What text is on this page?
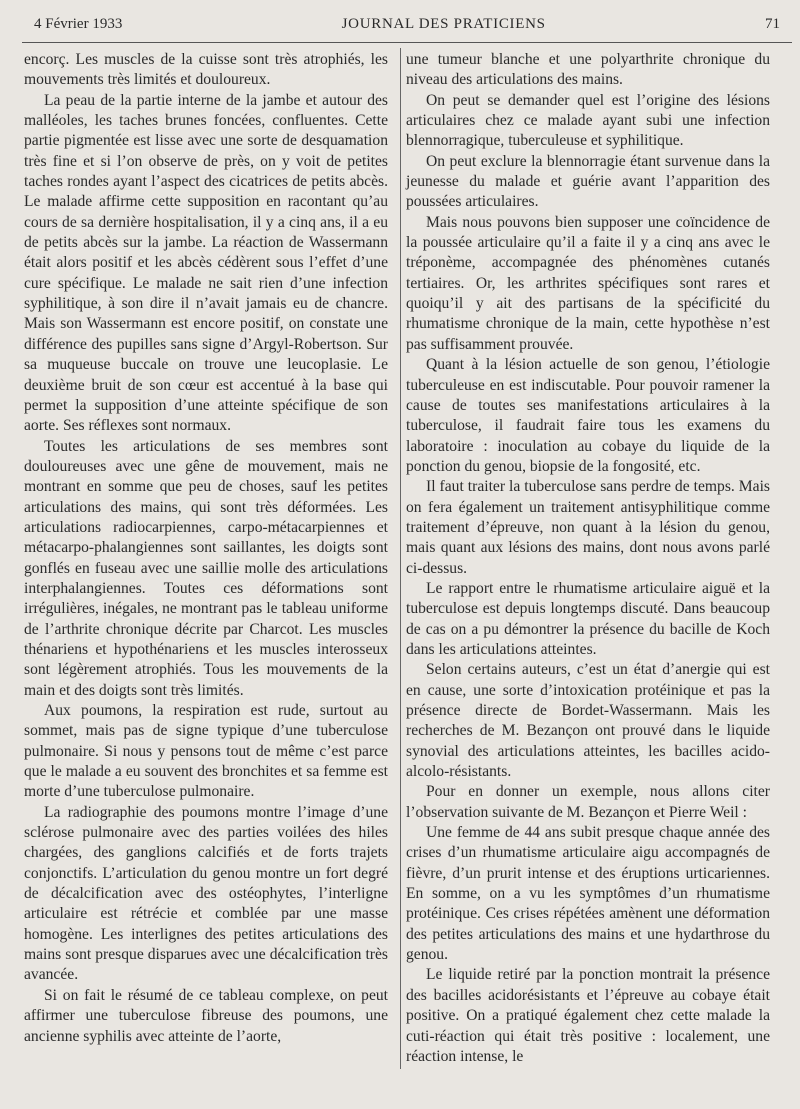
4 Février 1933	JOURNAL DES PRATICIENS	71

encorç. Les muscles de la cuisse sont très atrophiés, les mouvements très limités et douloureux.

La peau de la partie interne de la jambe et autour des malléoles, les taches brunes foncées, confluentes. Cette partie pigmentée est lisse avec une sorte de desquamation très fine et si l’on observe de près, on y voit de petites taches rondes ayant l’aspect des cicatrices de petits abcès. Le malade affirme cette supposition en racontant qu’au cours de sa dernière hospitalisation, il y a cinq ans, il a eu de petits abcès sur la jambe. La réaction de Wassermann était alors positif et les abcès cédèrent sous l’effet d’une cure spécifique. Le malade ne sait rien d’une infection syphilitique, à son dire il n’avait jamais eu de chancre. Mais son Wassermann est encore positif, on constate une différence des pupilles sans signe d’Argyl-Robertson. Sur sa muqueuse buccale on trouve une leucoplasie. Le deuxième bruit de son cœur est accentué à la base qui permet la supposition d’une atteinte spécifique de son aorte. Ses réflexes sont normaux.

Toutes les articulations de ses membres sont douloureuses avec une gêne de mouvement, mais ne montrant en somme que peu de choses, sauf les petites articulations des mains, qui sont très déformées. Les articulations radiocarpiennes, carpo-métacarpiennes et métacarpo-phalangiennes sont saillantes, les doigts sont gonflés en fuseau avec une saillie molle des articulations interphalangiennes. Toutes ces déformations sont irrégulières, inégales, ne montrant pas le tableau uniforme de l’arthrite chronique décrite par Charcot. Les muscles thénariens et hypothénariens et les muscles interosseux sont légèrement atrophiés. Tous les mouvements de la main et des doigts sont très limités.

Aux poumons, la respiration est rude, surtout au sommet, mais pas de signe typique d’une tuberculose pulmonaire. Si nous y pensons tout de même c’est parce que le malade a eu souvent des bronchites et sa femme est morte d’une tuberculose pulmonaire.

La radiographie des poumons montre l’image d’une sclérose pulmonaire avec des parties voilées des hiles chargées, des ganglions calcifiés et de forts trajets conjonctifs. L’articulation du genou montre un fort degré de décalcification avec des ostéophytes, l’interligne articulaire est rétrécie et comblée par une masse homogène. Les interlignes des petites articulations des mains sont presque disparues avec une décalcification très avancée.

Si on fait le résumé de ce tableau complexe, on peut affirmer une tuberculose fibreuse des poumons, une ancienne syphilis avec atteinte de l’aorte,

une tumeur blanche et une polyarthrite chronique du niveau des articulations des mains.

On peut se demander quel est l’origine des lésions articulaires chez ce malade ayant subi une infection blennorragique, tuberculeuse et syphilitique.

On peut exclure la blennorragie étant survenue dans la jeunesse du malade et guérie avant l’apparition des poussées articulaires.

Mais nous pouvons bien supposer une coïncidence de la poussée articulaire qu’il a faite il y a cinq ans avec le tréponème, accompagnée des phénomènes cutanés tertiaires. Or, les arthrites spécifiques sont rares et quoiqu’il y ait des partisans de la spécificité du rhumatisme chronique de la main, cette hypothèse n’est pas suffisamment prouvée.

Quant à la lésion actuelle de son genou, l’étiologie tuberculeuse en est indiscutable. Pour pouvoir ramener la cause de toutes ses manifestations articulaires à la tuberculose, il faudrait faire tous les examens du laboratoire : inoculation au cobaye du liquide de la ponction du genou, biopsie de la fongosité, etc.

Il faut traiter la tuberculose sans perdre de temps. Mais on fera également un traitement antisyphilitique comme traitement d’épreuve, non quant à la lésion du genou, mais quant aux lésions des mains, dont nous avons parlé ci-dessus.

Le rapport entre le rhumatisme articulaire aiguë et la tuberculose est depuis longtemps discuté. Dans beaucoup de cas on a pu démontrer la présence du bacille de Koch dans les articulations atteintes.

Selon certains auteurs, c’est un état d’anergie qui est en cause, une sorte d’intoxication protéinique et pas la présence directe de Bordet-Wassermann. Mais les recherches de M. Bezançon ont prouvé dans le liquide synovial des articulations atteintes, les bacilles acido-alcolo-résistants.

Pour en donner un exemple, nous allons citer l’observation suivante de M. Bezançon et Pierre Weil :

Une femme de 44 ans subit presque chaque année des crises d’un rhumatisme articulaire aigu accompagnés de fièvre, d’un prurit intense et des éruptions urticariennes. En somme, on a vu les symptômes d’un rhumatisme protéinique. Ces crises répétées amènent une déformation des petites articulations des mains et une hydarthrose du genou.

Le liquide retiré par la ponction montrait la présence des bacilles acidorésistants et l’épreuve au cobaye était positive. On a pratiqué également chez cette malade la cuti-réaction qui était très positive : localement, une réaction intense, le
